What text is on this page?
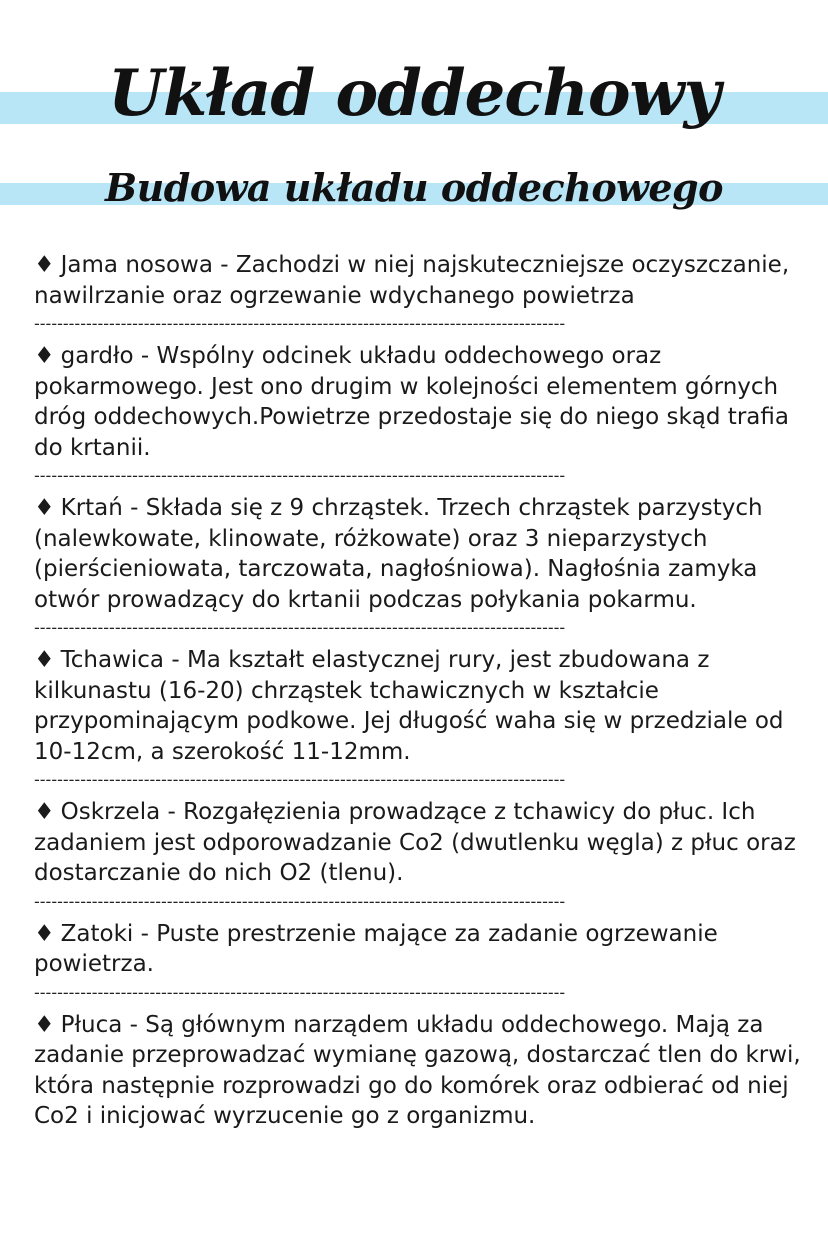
Układ oddechowy
Budowa układu oddechowego
♦ Jama nosowa - Zachodzi w niej najskuteczniejsze oczyszczanie, nawilrzanie oraz ogrzewanie wdychanego powietrza
--------------------------------------------------------------------------------------------
♦ gardło - Wspólny odcinek układu oddechowego oraz pokarmowego. Jest ono drugim w kolejności elementem górnych dróg oddechowych.Powietrze przedostaje się do niego skąd trafia do krtanii.
--------------------------------------------------------------------------------------------
♦ Krtań - Składa się z 9 chrząstek. Trzech chrząstek parzystych (nalewkowate, klinowate, różkowate) oraz 3 nieparzystych (pierścieniowata, tarczowata, nagłośniowa). Nagłośnia zamyka otwór prowadzący do krtanii podczas połykania pokarmu.
--------------------------------------------------------------------------------------------
♦ Tchawica - Ma kształt elastycznej rury, jest zbudowana z kilkunastu (16-20) chrząstek tchawicznych w kształcie przypominającym podkowe. Jej długość waha się w przedziale od 10-12cm, a szerokość 11-12mm.
--------------------------------------------------------------------------------------------
♦ Oskrzela - Rozgałęzienia prowadzące z tchawicy do płuc. Ich zadaniem jest odporowadzanie Co2 (dwutlenku węgla) z płuc oraz dostarczanie do nich O2 (tlenu).
--------------------------------------------------------------------------------------------
♦ Zatoki - Puste prestrzenie mające za zadanie ogrzewanie powietrza.
--------------------------------------------------------------------------------------------
♦ Płuca - Są głównym narządem układu oddechowego. Mają za zadanie przeprowadzać wymianę gazową, dostarczać tlen do krwi, która następnie rozprowadzi go do komórek oraz odbierać od niej Co2 i inicjować wyrzucenie go z organizmu.
